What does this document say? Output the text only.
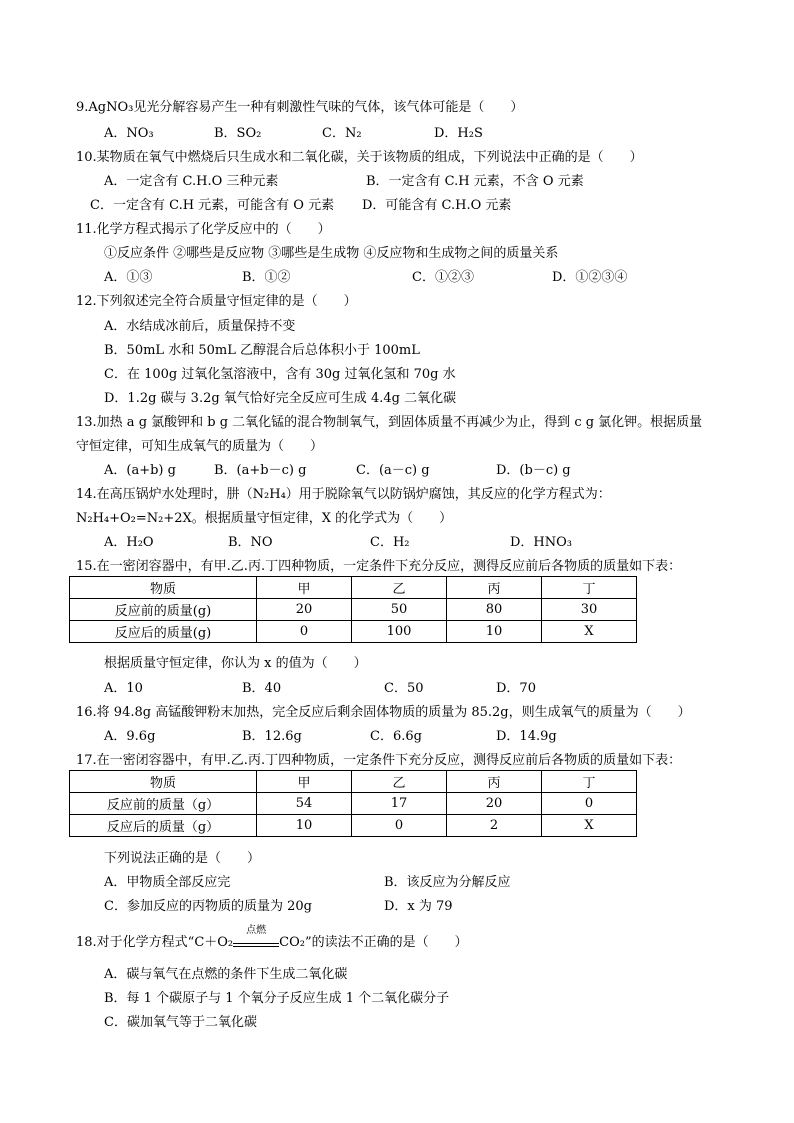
9.AgNO₃见光分解容易产生一种有刺激性气味的气体，该气体可能是（　　）
A．NO₃	B．SO₂	C．N₂	D．H₂S
10.某物质在氧气中燃烧后只生成水和二氧化碳，关于该物质的组成，下列说法中正确的是（　　）
A．一定含有 C.H.O 三种元素	B．一定含有 C.H 元素，不含 O 元素
C．一定含有 C.H 元素，可能含有 O 元素 D．可能含有 C.H.O 元素
11.化学方程式揭示了化学反应中的（　　）
①反应条件 ②哪些是反应物 ③哪些是生成物 ④反应物和生成物之间的质量关系
A．①③	B．①②	C．①②③	D．①②③④
12.下列叙述完全符合质量守恒定律的是（　　）
A．水结成冰前后，质量保持不变
B．50mL 水和 50mL 乙醇混合后总体积小于 100mL
C．在 100g 过氧化氢溶液中，含有 30g 过氧化氢和 70g 水
D．1.2g 碳与 3.2g 氧气恰好完全反应可生成 4.4g 二氧化碳
13.加热 a g 氯酸钾和 b g 二氧化锰的混合物制氧气，到固体质量不再减少为止，得到 c g 氯化钾。根据质量
守恒定律，可知生成氧气的质量为（　　）
A．(a+b) g	B．(a+b－c) g	C．(a－c) g	D．(b－c) g
14.在高压锅炉水处理时，肼（N₂H₄）用于脱除氧气以防锅炉腐蚀，其反应的化学方程式为：
N₂H₄+O₂=N₂+2X。根据质量守恒定律，X 的化学式为（　　）
A．H₂O	B．NO	C．H₂	D．HNO₃
15.在一密闭容器中，有甲.乙.丙.丁四种物质，一定条件下充分反应，测得反应前后各物质的质量如下表：
物质	甲	乙	丙	丁
反应前的质量(g)	20	50	80	30
反应后的质量(g)	0	100	10	X
根据质量守恒定律，你认为 x 的值为（　　）
A．10	B．40	C．50	D．70
16.将 94.8g 高锰酸钾粉末加热，完全反应后剩余固体物质的质量为 85.2g，则生成氧气的质量为（　　）
A．9.6g	B．12.6g	C．6.6g	D．14.9g
17.在一密闭容器中，有甲.乙.丙.丁四种物质，一定条件下充分反应，测得反应前后各物质的质量如下表：
物质	甲	乙	丙	丁
反应前的质量（g）	54	17	20	0
反应后的质量（g）	10	0	2	X
下列说法正确的是（　　）
A．甲物质全部反应完	B．该反应为分解反应
C．参加反应的丙物质的质量为 20g	D．x 为 79
18.对于化学方程式“C＋O₂
点燃
CO₂”的读法不正确的是（　　）
A．碳与氧气在点燃的条件下生成二氧化碳
B．每 1 个碳原子与 1 个氧分子反应生成 1 个二氧化碳分子
C．碳加氧气等于二氧化碳
